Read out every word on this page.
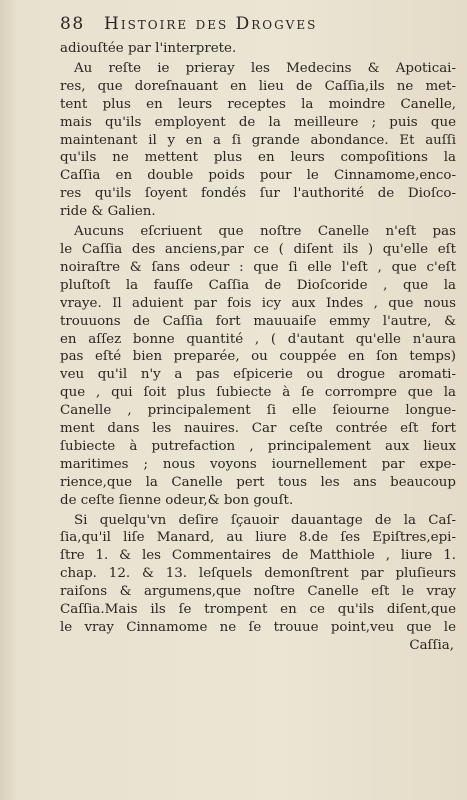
88 Histoire des Drogves
adiouſtée par l'interprete.
Au reſte ie prieray les Medecins & Apoticai-
res, que doreſnauant en lieu de Caſſia,ils ne met-
tent plus en leurs receptes la moindre Canelle,
mais qu'ils employent de la meilleure ; puis que
maintenant il y en a ſi grande abondance. Et auſſi
qu'ils ne mettent plus en leurs compoſitions la
Caſſia en double poids pour le Cinnamome,enco-
res qu'ils ſoyent fondés ſur l'authorité de Dioſco-
ride & Galien.
Aucuns eſcriuent que noſtre Canelle n'eſt pas
le Caſſia des anciens,par ce ( diſent ils ) qu'elle eſt
noiraſtre & ſans odeur : que ſi elle l'eſt , que c'eſt
pluſtoſt la fauſſe Caſſia de Dioſcoride , que la
vraye. Il aduient par fois icy aux Indes , que nous
trouuons de Caſſia fort mauuaiſe emmy l'autre, &
en aſſez bonne quantité , ( d'autant qu'elle n'aura
pas eſté bien preparée, ou couppée en ſon temps)
veu qu'il n'y a pas eſpicerie ou drogue aromati-
que , qui ſoit plus ſubiecte à ſe corrompre que la
Canelle , principalement ſi elle ſeiourne longue-
ment dans les nauires. Car ceſte contrée eſt fort
ſubiecte à putrefaction , principalement aux lieux
maritimes ; nous voyons iournellement par expe-
rience,que la Canelle pert tous les ans beaucoup
de ceſte ſienne odeur,& bon gouſt.
Si quelqu'vn deſire ſçauoir dauantage de la Caſ-
ſia,qu'il liſe Manard, au liure 8.de ſes Epiſtres,epi-
ſtre 1. & les Commentaires de Matthiole , liure 1.
chap. 12. & 13. leſquels demonſtrent par pluſieurs
raiſons & argumens,que noſtre Canelle eſt le vray
Caſſia.Mais ils ſe trompent en ce qu'ils diſent,que
le vray Cinnamome ne ſe trouue point,veu que le
Caſſia,
